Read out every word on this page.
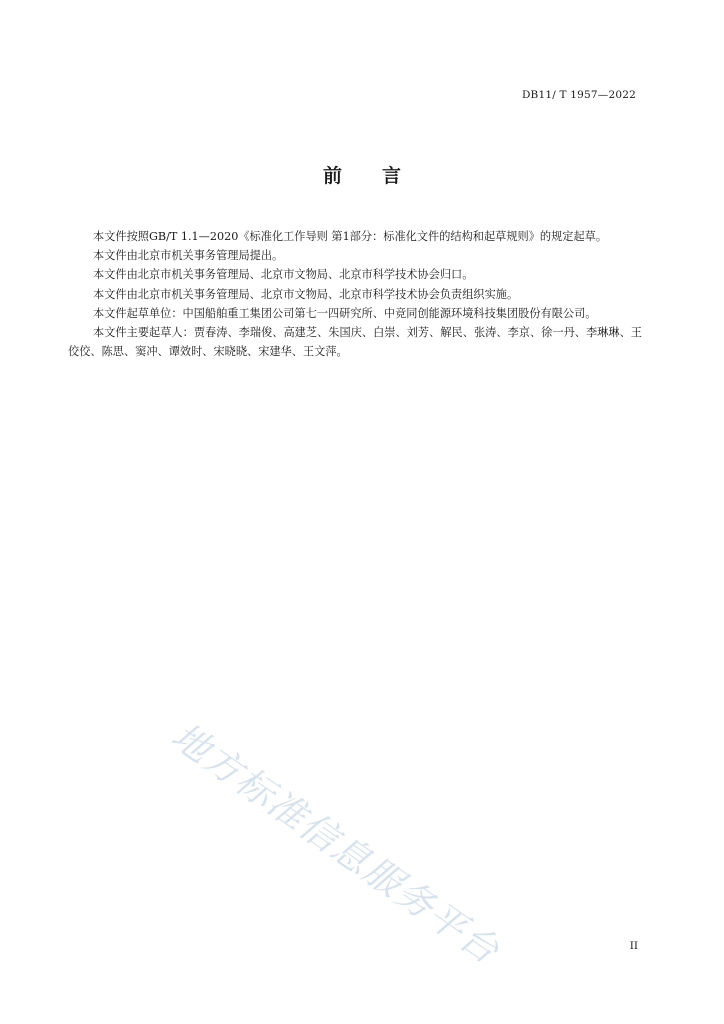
DB11/ T 1957—2022
前 言

本文件按照GB/T 1.1—2020《标准化工作导则 第1部分：标准化文件的结构和起草规则》的规定起草。

本文件由北京市机关事务管理局提出。

本文件由北京市机关事务管理局、北京市文物局、北京市科学技术协会归口。

本文件由北京市机关事务管理局、北京市文物局、北京市科学技术协会负责组织实施。

本文件起草单位：中国船舶重工集团公司第七一四研究所、中竞同创能源环境科技集团股份有限公司。

本文件主要起草人：贾春涛、李瑞俊、高建芝、朱国庆、白崇、刘芳、解民、张涛、李京、徐一丹、李琳琳、王佼佼、陈思、窦冲、谭效时、宋晓晓、宋建华、王文萍。

地方标准信息服务平台	II
